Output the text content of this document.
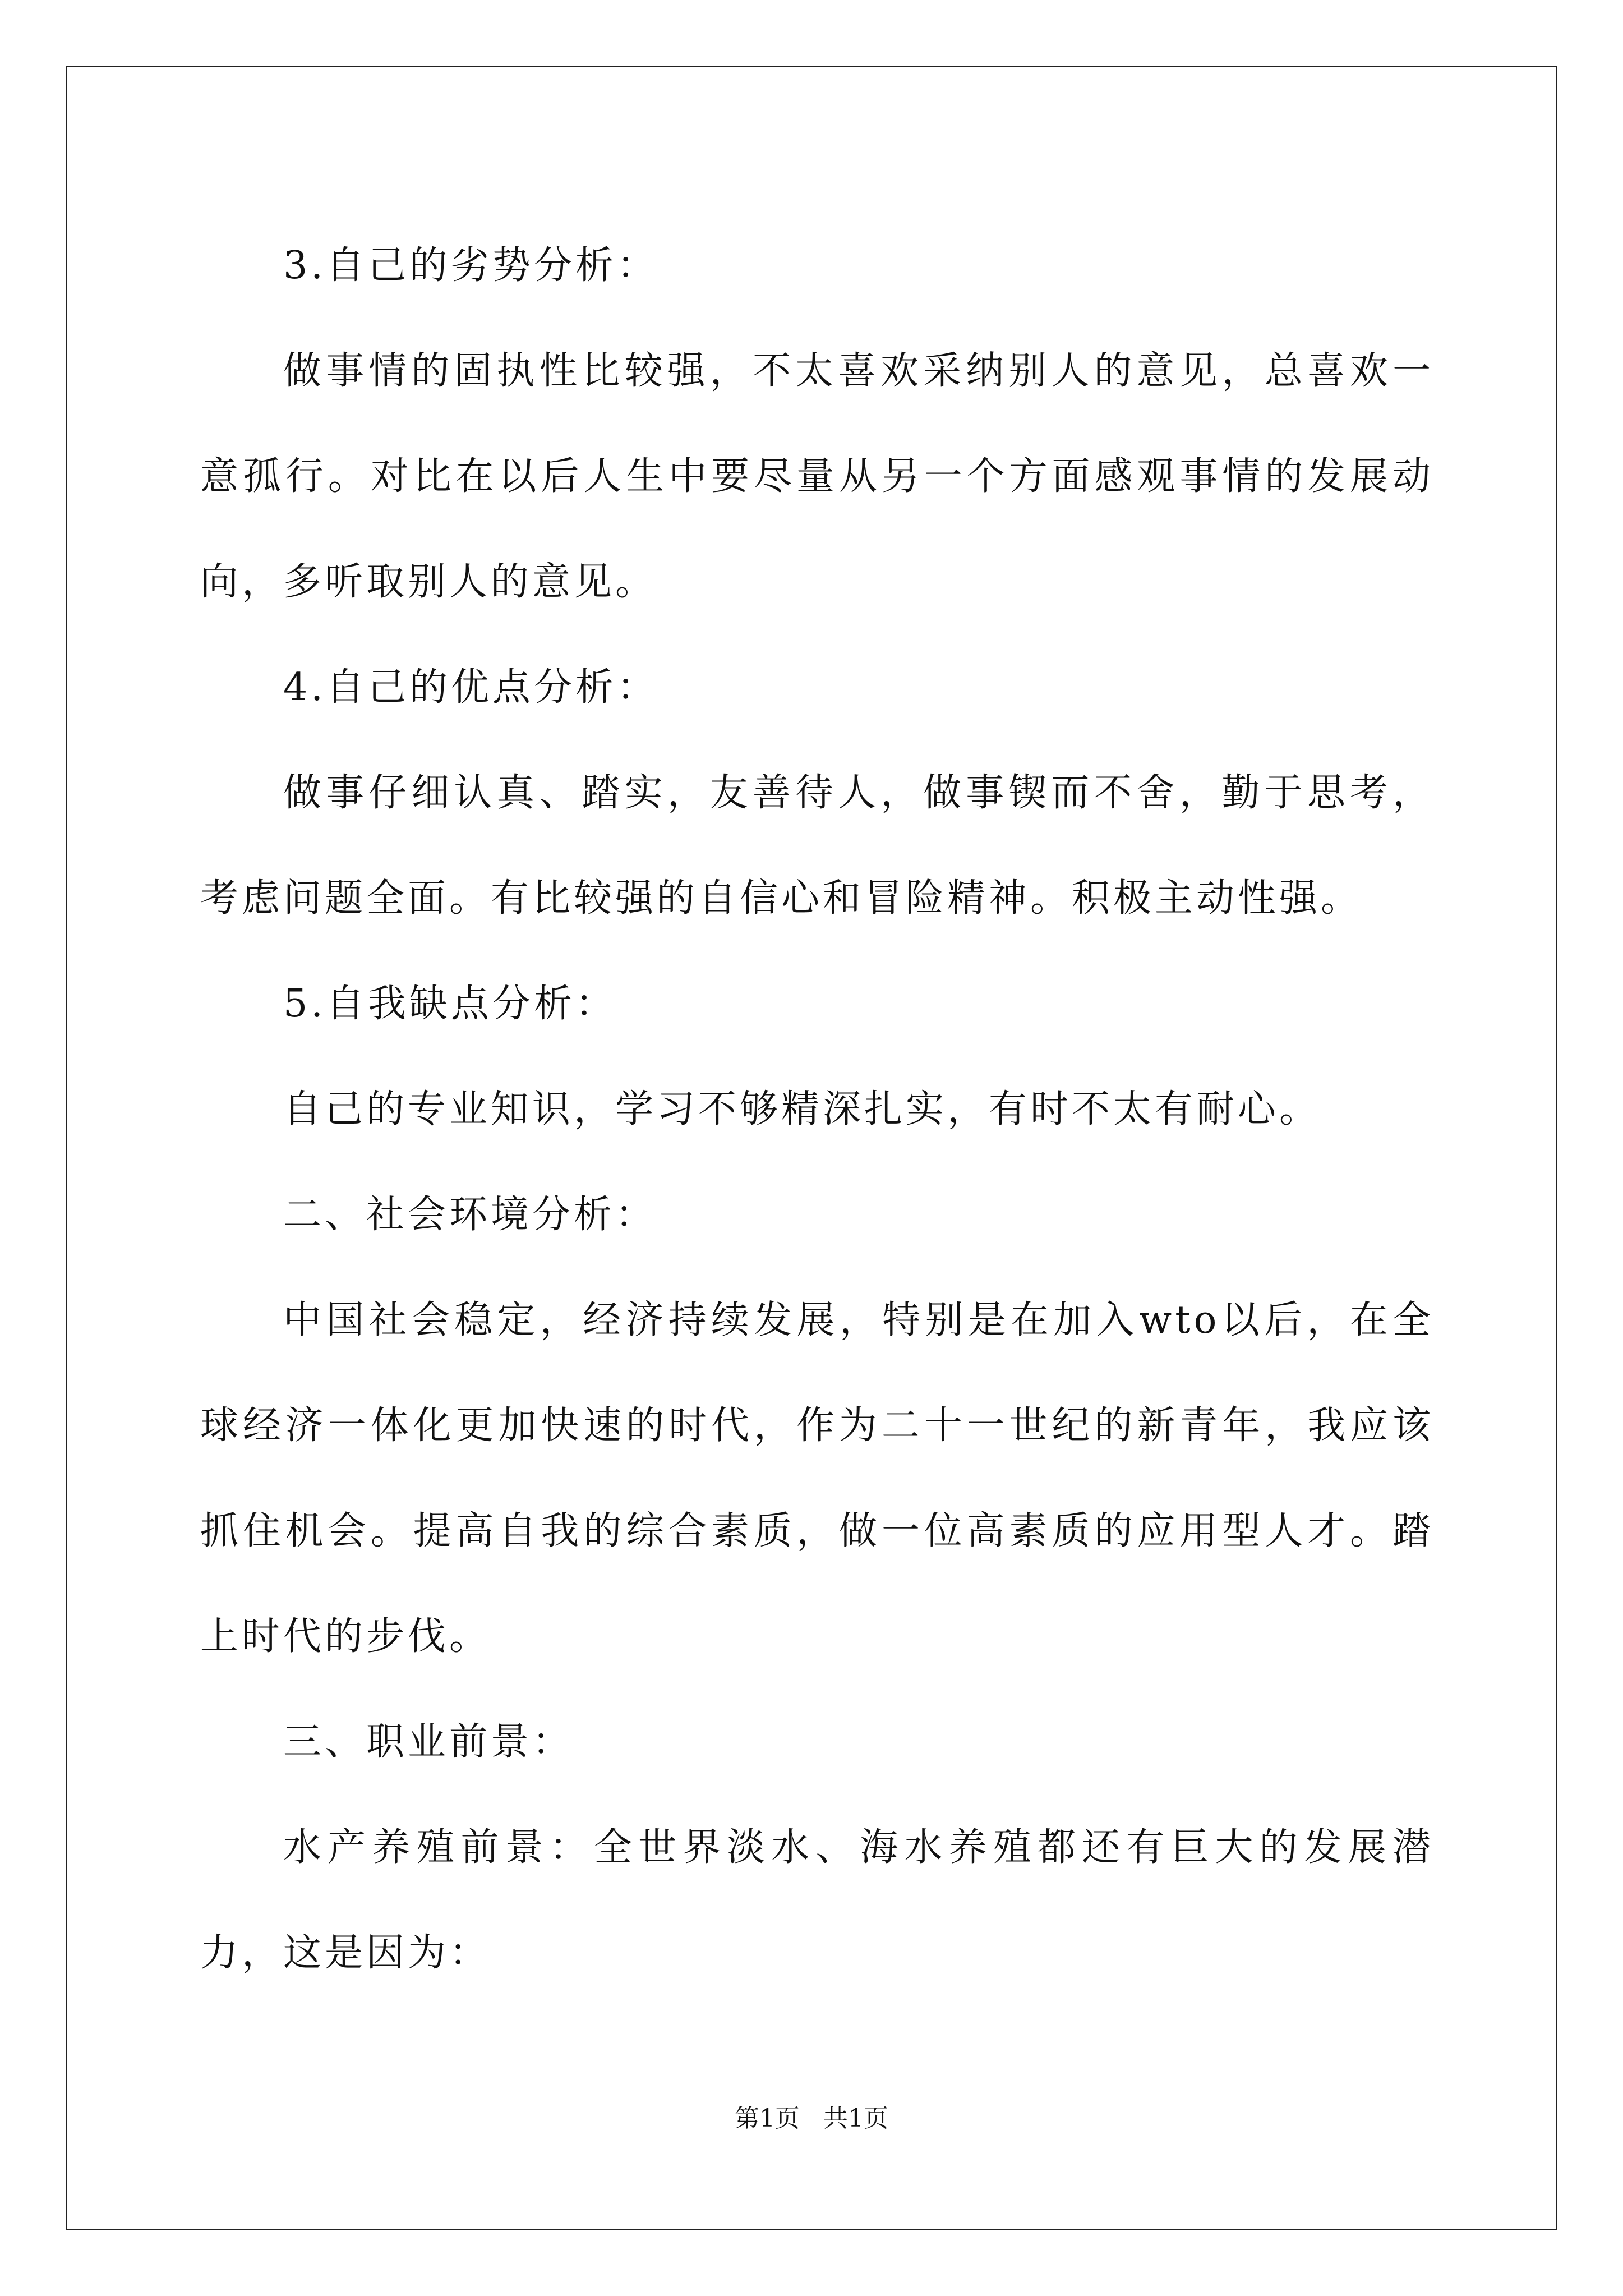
3.自己的劣势分析：

做事情的固执性比较强，不太喜欢采纳别人的意见，总喜欢一意孤行。对比在以后人生中要尽量从另一个方面感观事情的发展动向，多听取别人的意见。

4.自己的优点分析：

做事仔细认真、踏实，友善待人，做事锲而不舍，勤于思考，考虑问题全面。有比较强的自信心和冒险精神。积极主动性强。

5.自我缺点分析：

自己的专业知识，学习不够精深扎实，有时不太有耐心。

二、社会环境分析：

中国社会稳定，经济持续发展，特别是在加入wto以后，在全球经济一体化更加快速的时代，作为二十一世纪的新青年，我应该抓住机会。提高自我的综合素质，做一位高素质的应用型人才。踏上时代的步伐。

三、职业前景：

水产养殖前景：全世界淡水、海水养殖都还有巨大的发展潜力，这是因为：

第1页   共1页
